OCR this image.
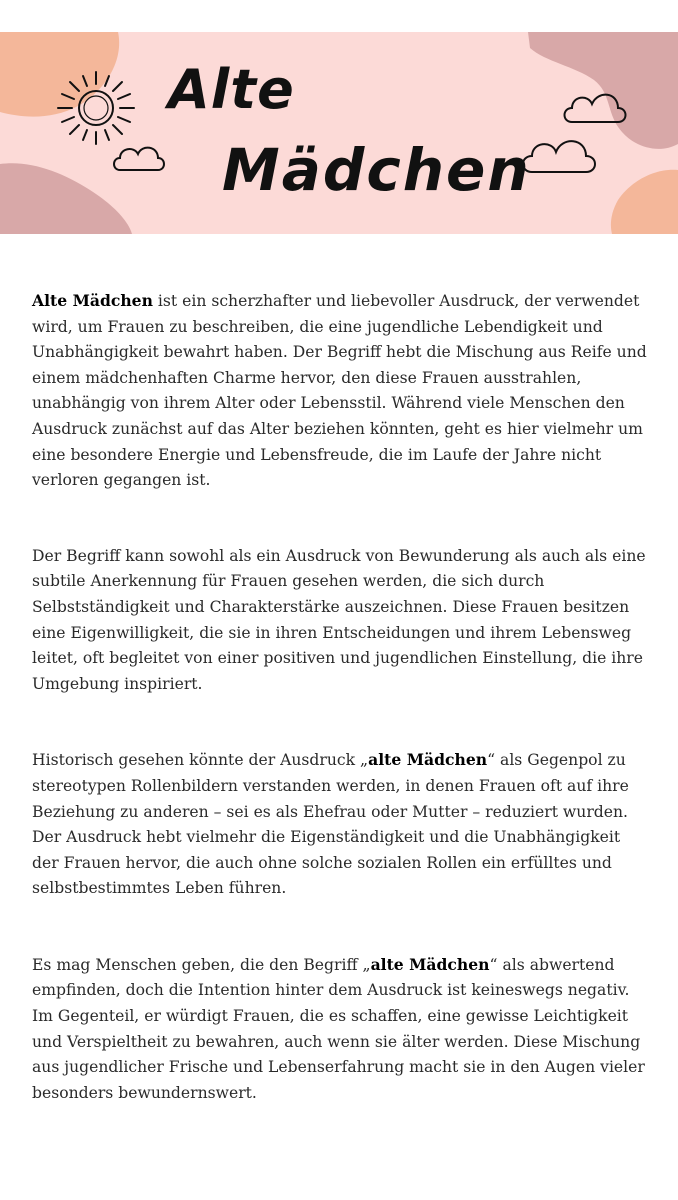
Alte
Mädchen

Alte Mädchen ist ein scherzhafter und liebevoller Ausdruck, der verwendet wird, um Frauen zu beschreiben, die eine jugendliche Lebendigkeit und Unabhängigkeit bewahrt haben. Der Begriff hebt die Mischung aus Reife und einem mädchenhaften Charme hervor, den diese Frauen ausstrahlen, unabhängig von ihrem Alter oder Lebensstil. Während viele Menschen den Ausdruck zunächst auf das Alter beziehen könnten, geht es hier vielmehr um eine besondere Energie und Lebensfreude, die im Laufe der Jahre nicht verloren gegangen ist.

Der Begriff kann sowohl als ein Ausdruck von Bewunderung als auch als eine subtile Anerkennung für Frauen gesehen werden, die sich durch Selbstständigkeit und Charakterstärke auszeichnen. Diese Frauen besitzen eine Eigenwilligkeit, die sie in ihren Entscheidungen und ihrem Lebensweg leitet, oft begleitet von einer positiven und jugendlichen Einstellung, die ihre Umgebung inspiriert.

Historisch gesehen könnte der Ausdruck „alte Mädchen“ als Gegenpol zu stereotypen Rollenbildern verstanden werden, in denen Frauen oft auf ihre Beziehung zu anderen – sei es als Ehefrau oder Mutter – reduziert wurden. Der Ausdruck hebt vielmehr die Eigenständigkeit und die Unabhängigkeit der Frauen hervor, die auch ohne solche sozialen Rollen ein erfülltes und selbstbestimmtes Leben führen.

Es mag Menschen geben, die den Begriff „alte Mädchen“ als abwertend empfinden, doch die Intention hinter dem Ausdruck ist keineswegs negativ. Im Gegenteil, er würdigt Frauen, die es schaffen, eine gewisse Leichtigkeit und Verspieltheit zu bewahren, auch wenn sie älter werden. Diese Mischung aus jugendlicher Frische und Lebenserfahrung macht sie in den Augen vieler besonders bewundernswert.
